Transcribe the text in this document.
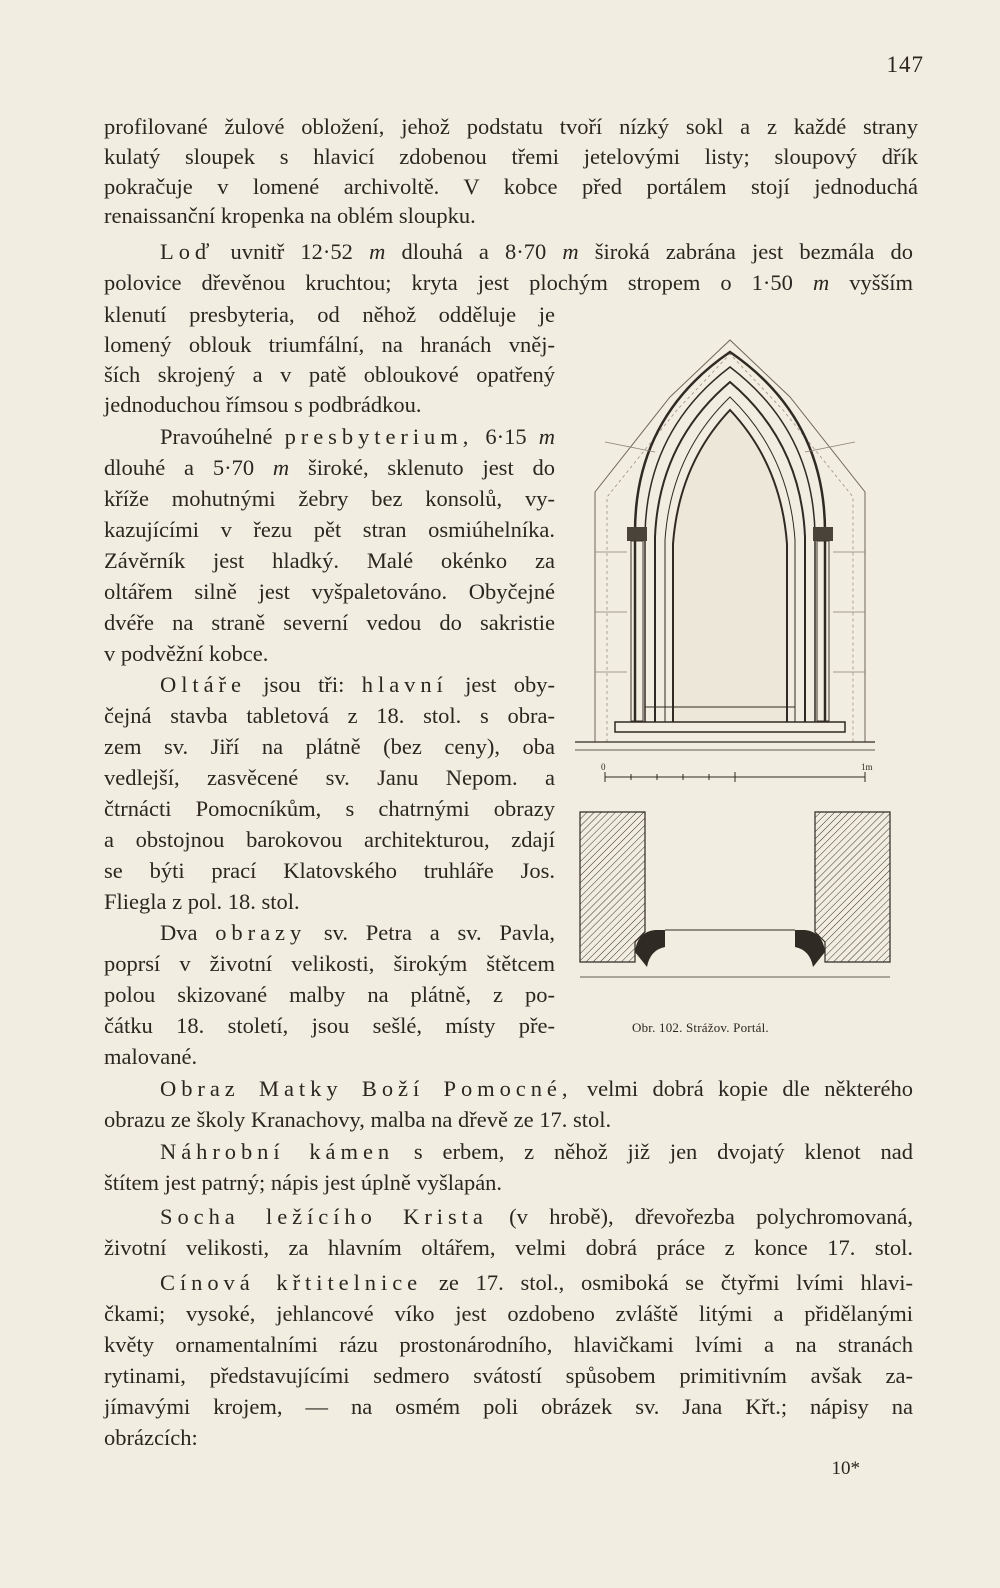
147
profilované žulové obložení, jehož podstatu tvoří nízký sokl a z každé strany
kulatý sloupek s hlavicí zdobenou třemi jetelovými listy; sloupový dřík
pokračuje v lomené archivoltě. V kobce před portálem stojí jednoduchá
renaissanční kropenka na oblém sloupku.
Loď uvnitř 12·52 m dlouhá a 8·70 m široká zabrána jest bezmála do
polovice dřevěnou kruchtou; kryta jest plochým stropem o 1·50 m vyšším
klenutí presbyteria, od něhož odděluje je
lomený oblouk triumfální, na hranách vněj-
ších skrojený a v patě obloukové opatřený
jednoduchou římsou s podbrádkou.
Pravoúhelné presbyterium, 6·15 m
dlouhé a 5·70 m široké, sklenuto jest do
kříže mohutnými žebry bez konsolů, vy-
kazujícími v řezu pět stran osmiúhelníka.
Závěrník jest hladký. Malé okénko za
oltářem silně jest vyšpaletováno. Obyčejné
dvéře na straně severní vedou do sakristie
v podvěžní kobce.
Oltáře jsou tři: hlavní jest oby-
čejná stavba tabletová z 18. stol. s obra-
zem sv. Jiří na plátně (bez ceny), oba
vedlejší, zasvěcené sv. Janu Nepom. a
čtrnácti Pomocníkům, s chatrnými obrazy
a obstojnou barokovou architekturou, zdají
se býti prací Klatovského truhláře Jos.
Fliegla z pol. 18. stol.
Dva obrazy sv. Petra a sv. Pavla,
poprsí v životní velikosti, širokým štětcem
polou skizované malby na plátně, z po-
čátku 18. století, jsou sešlé, místy pře-
malované.
Obraz Matky Boží Pomocné, velmi dobrá kopie dle některého
obrazu ze školy Kranachovy, malba na dřevě ze 17. stol.
Náhrobní kámen s erbem, z něhož již jen dvojatý klenot nad
štítem jest patrný; nápis jest úplně vyšlapán.
Socha ležícího Krista (v hrobě), dřevořezba polychromovaná,
životní velikosti, za hlavním oltářem, velmi dobrá práce z konce 17. stol.
Cínová křtitelnice ze 17. stol., osmiboká se čtyřmi lvími hlavi-
čkami; vysoké, jehlancové víko jest ozdobeno zvláště litými a přidělanými
květy ornamentalními rázu prostonárodního, hlavičkami lvími a na stranách
rytinami, představujícími sedmero svátostí spůsobem primitivním avšak za-
jímavými krojem, — na osmém poli obrázek sv. Jana Křt.; nápisy na
obrázcích:
0	1m
Obr. 102. Strážov. Portál.
10*
